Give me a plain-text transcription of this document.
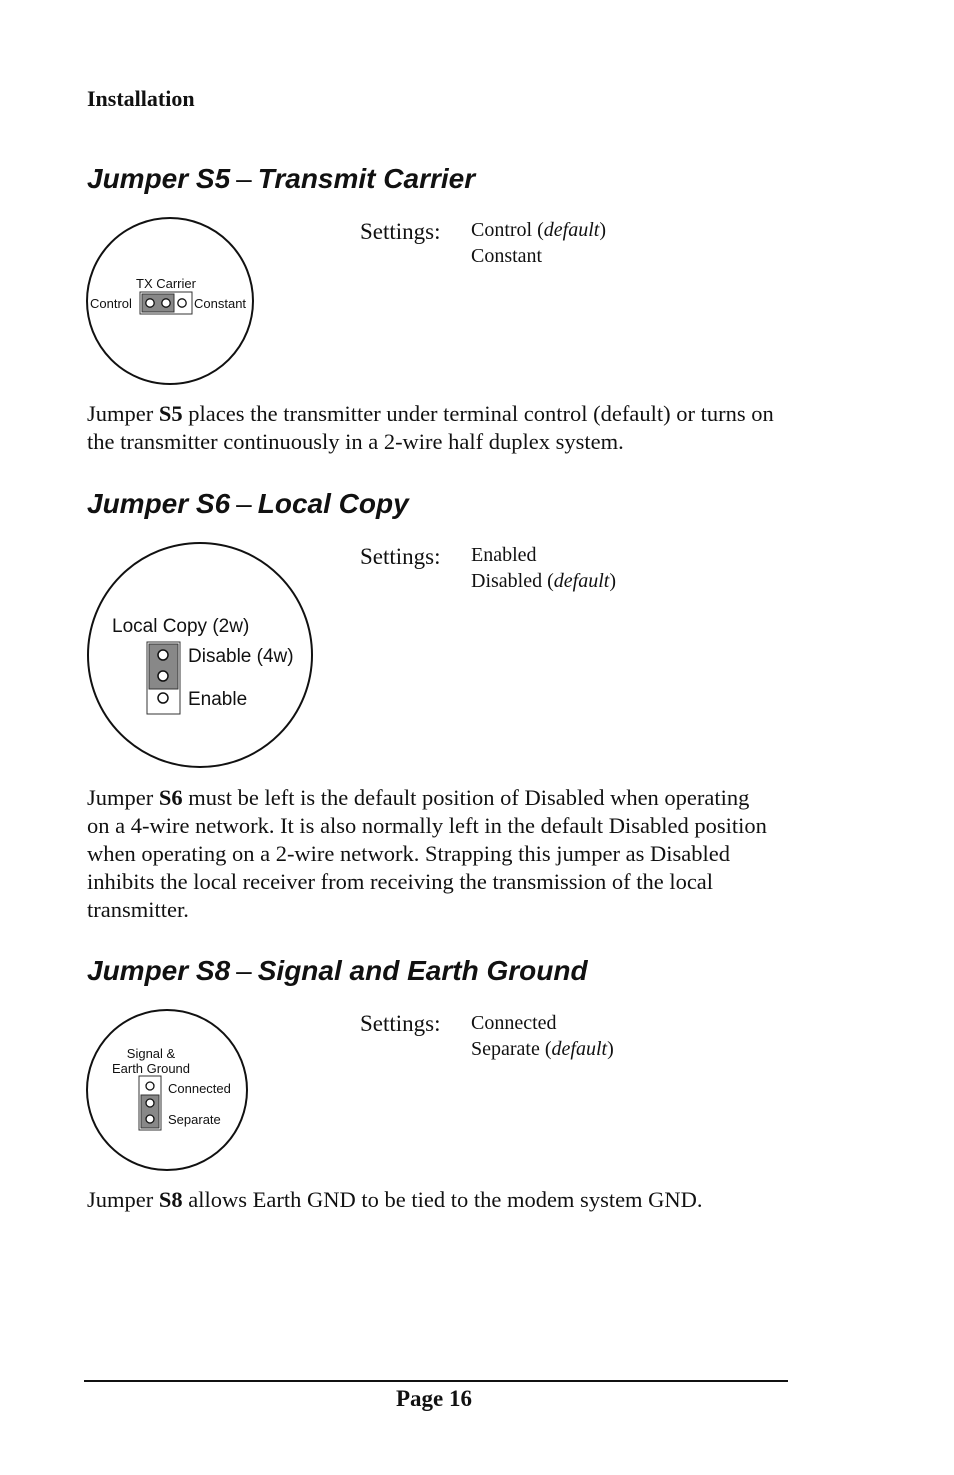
Installation
Jumper S5 – Transmit Carrier
TX Carrier
Control	Constant
Settings: Control (default)
Constant
Jumper S5 places the transmitter under terminal control (default) or turns on the transmitter continuously in a 2-wire half duplex system.
Jumper S6 – Local Copy
Local Copy (2w)
Disable (4w)
Enable
Settings: Enabled
Disabled (default)
Jumper S6 must be left is the default position of Disabled when operating on a 4-wire network. It is also normally left in the default Disabled position when operating on a 2-wire network. Strapping this jumper as Disabled inhibits the local receiver from receiving the transmission of the local transmitter.
Jumper S8 – Signal and Earth Ground
Signal &
Earth Ground
Connected
Separate
Settings: Connected
Separate (default)
Jumper S8 allows Earth GND to be tied to the modem system GND.
Page 16
